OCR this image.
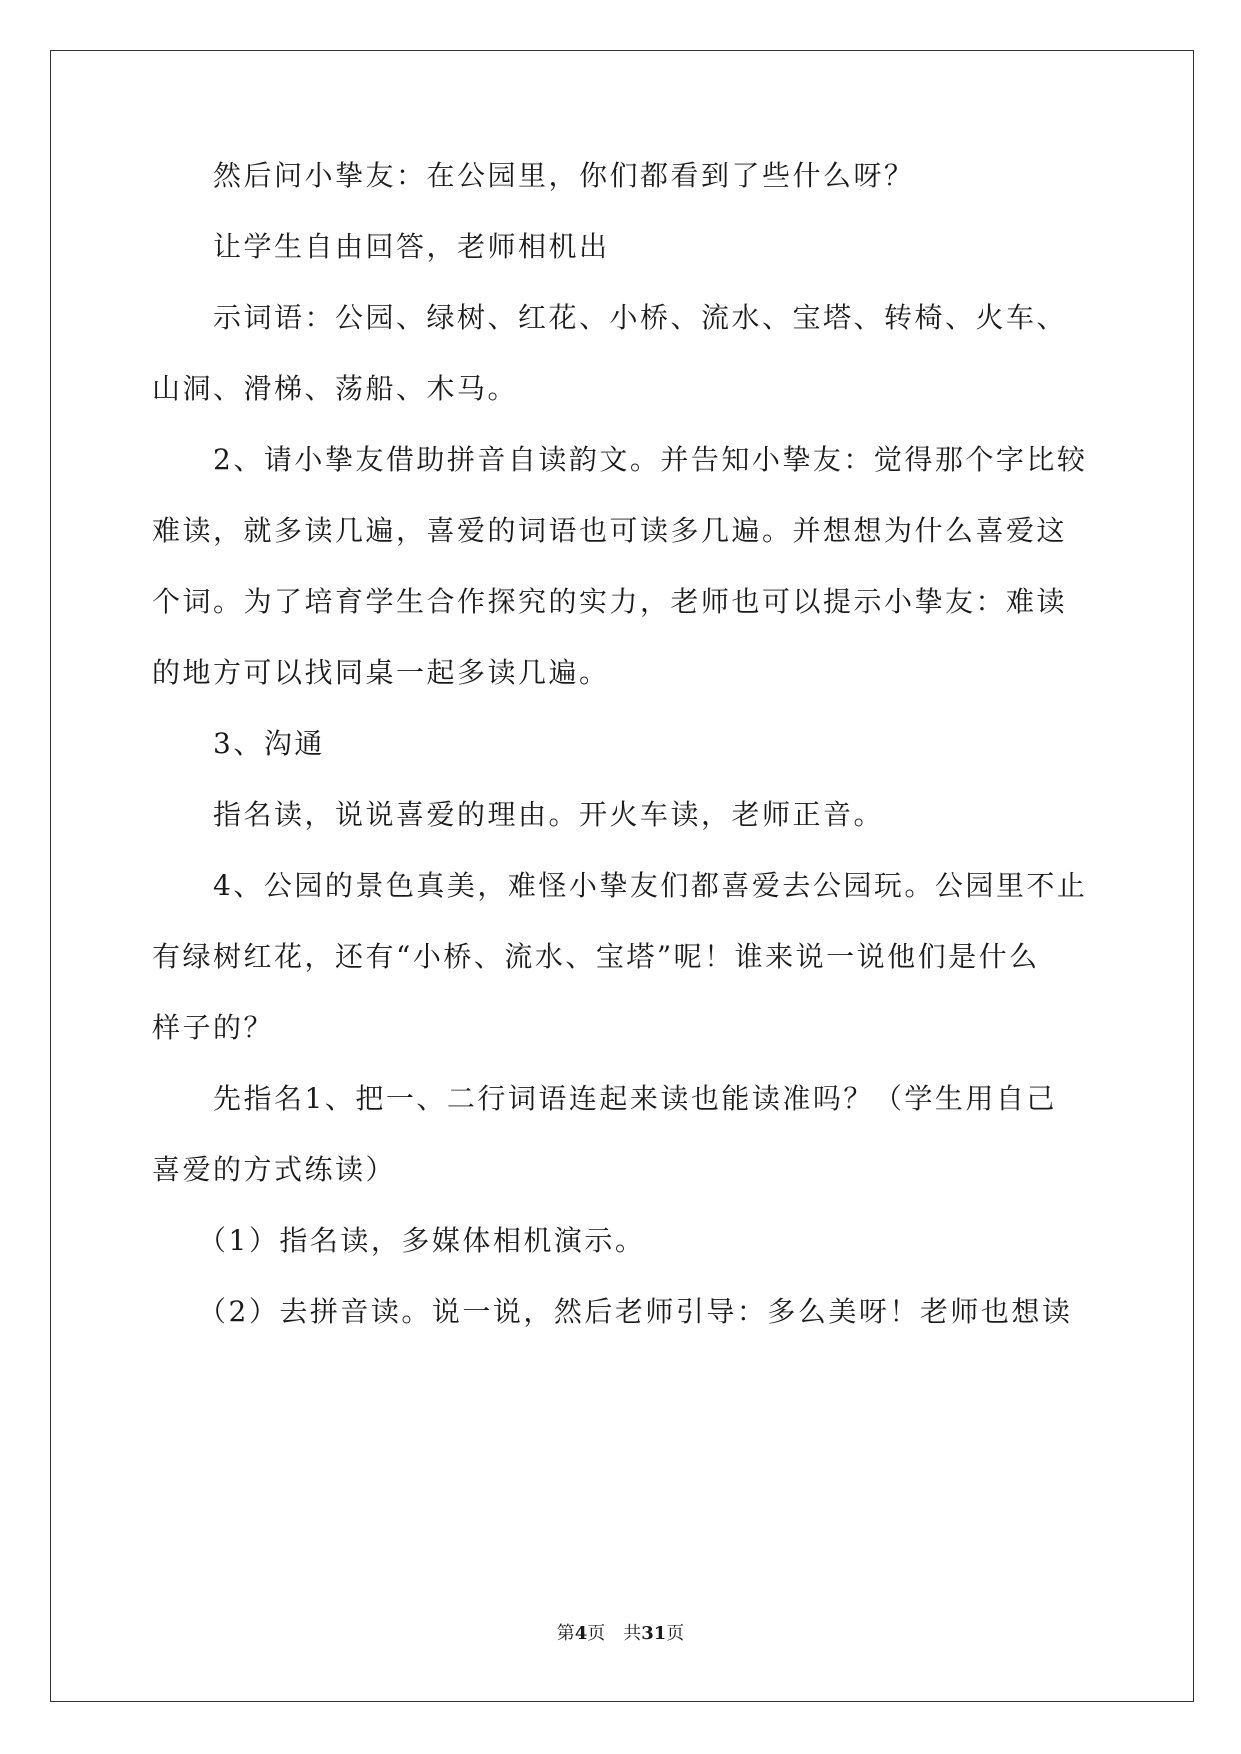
然后问小挚友：在公园里，你们都看到了些什么呀？

让学生自由回答，老师相机出

示词语：公园、绿树、红花、小桥、流水、宝塔、转椅、火车、

山洞、滑梯、荡船、木马。

2、请小挚友借助拼音自读韵文。并告知小挚友：觉得那个字比较

难读，就多读几遍，喜爱的词语也可读多几遍。并想想为什么喜爱这

个词。为了培育学生合作探究的实力，老师也可以提示小挚友：难读

的地方可以找同桌一起多读几遍。

3、沟通

指名读，说说喜爱的理由。开火车读，老师正音。

4、公园的景色真美，难怪小挚友们都喜爱去公园玩。公园里不止

有绿树红花，还有“小桥、流水、宝塔”呢！谁来说一说他们是什么

样子的？

先指名1、把一、二行词语连起来读也能读准吗？（学生用自己

喜爱的方式练读）

（1）指名读，多媒体相机演示。

（2）去拼音读。说一说，然后老师引导：多么美呀！老师也想读

第4页　共31页
